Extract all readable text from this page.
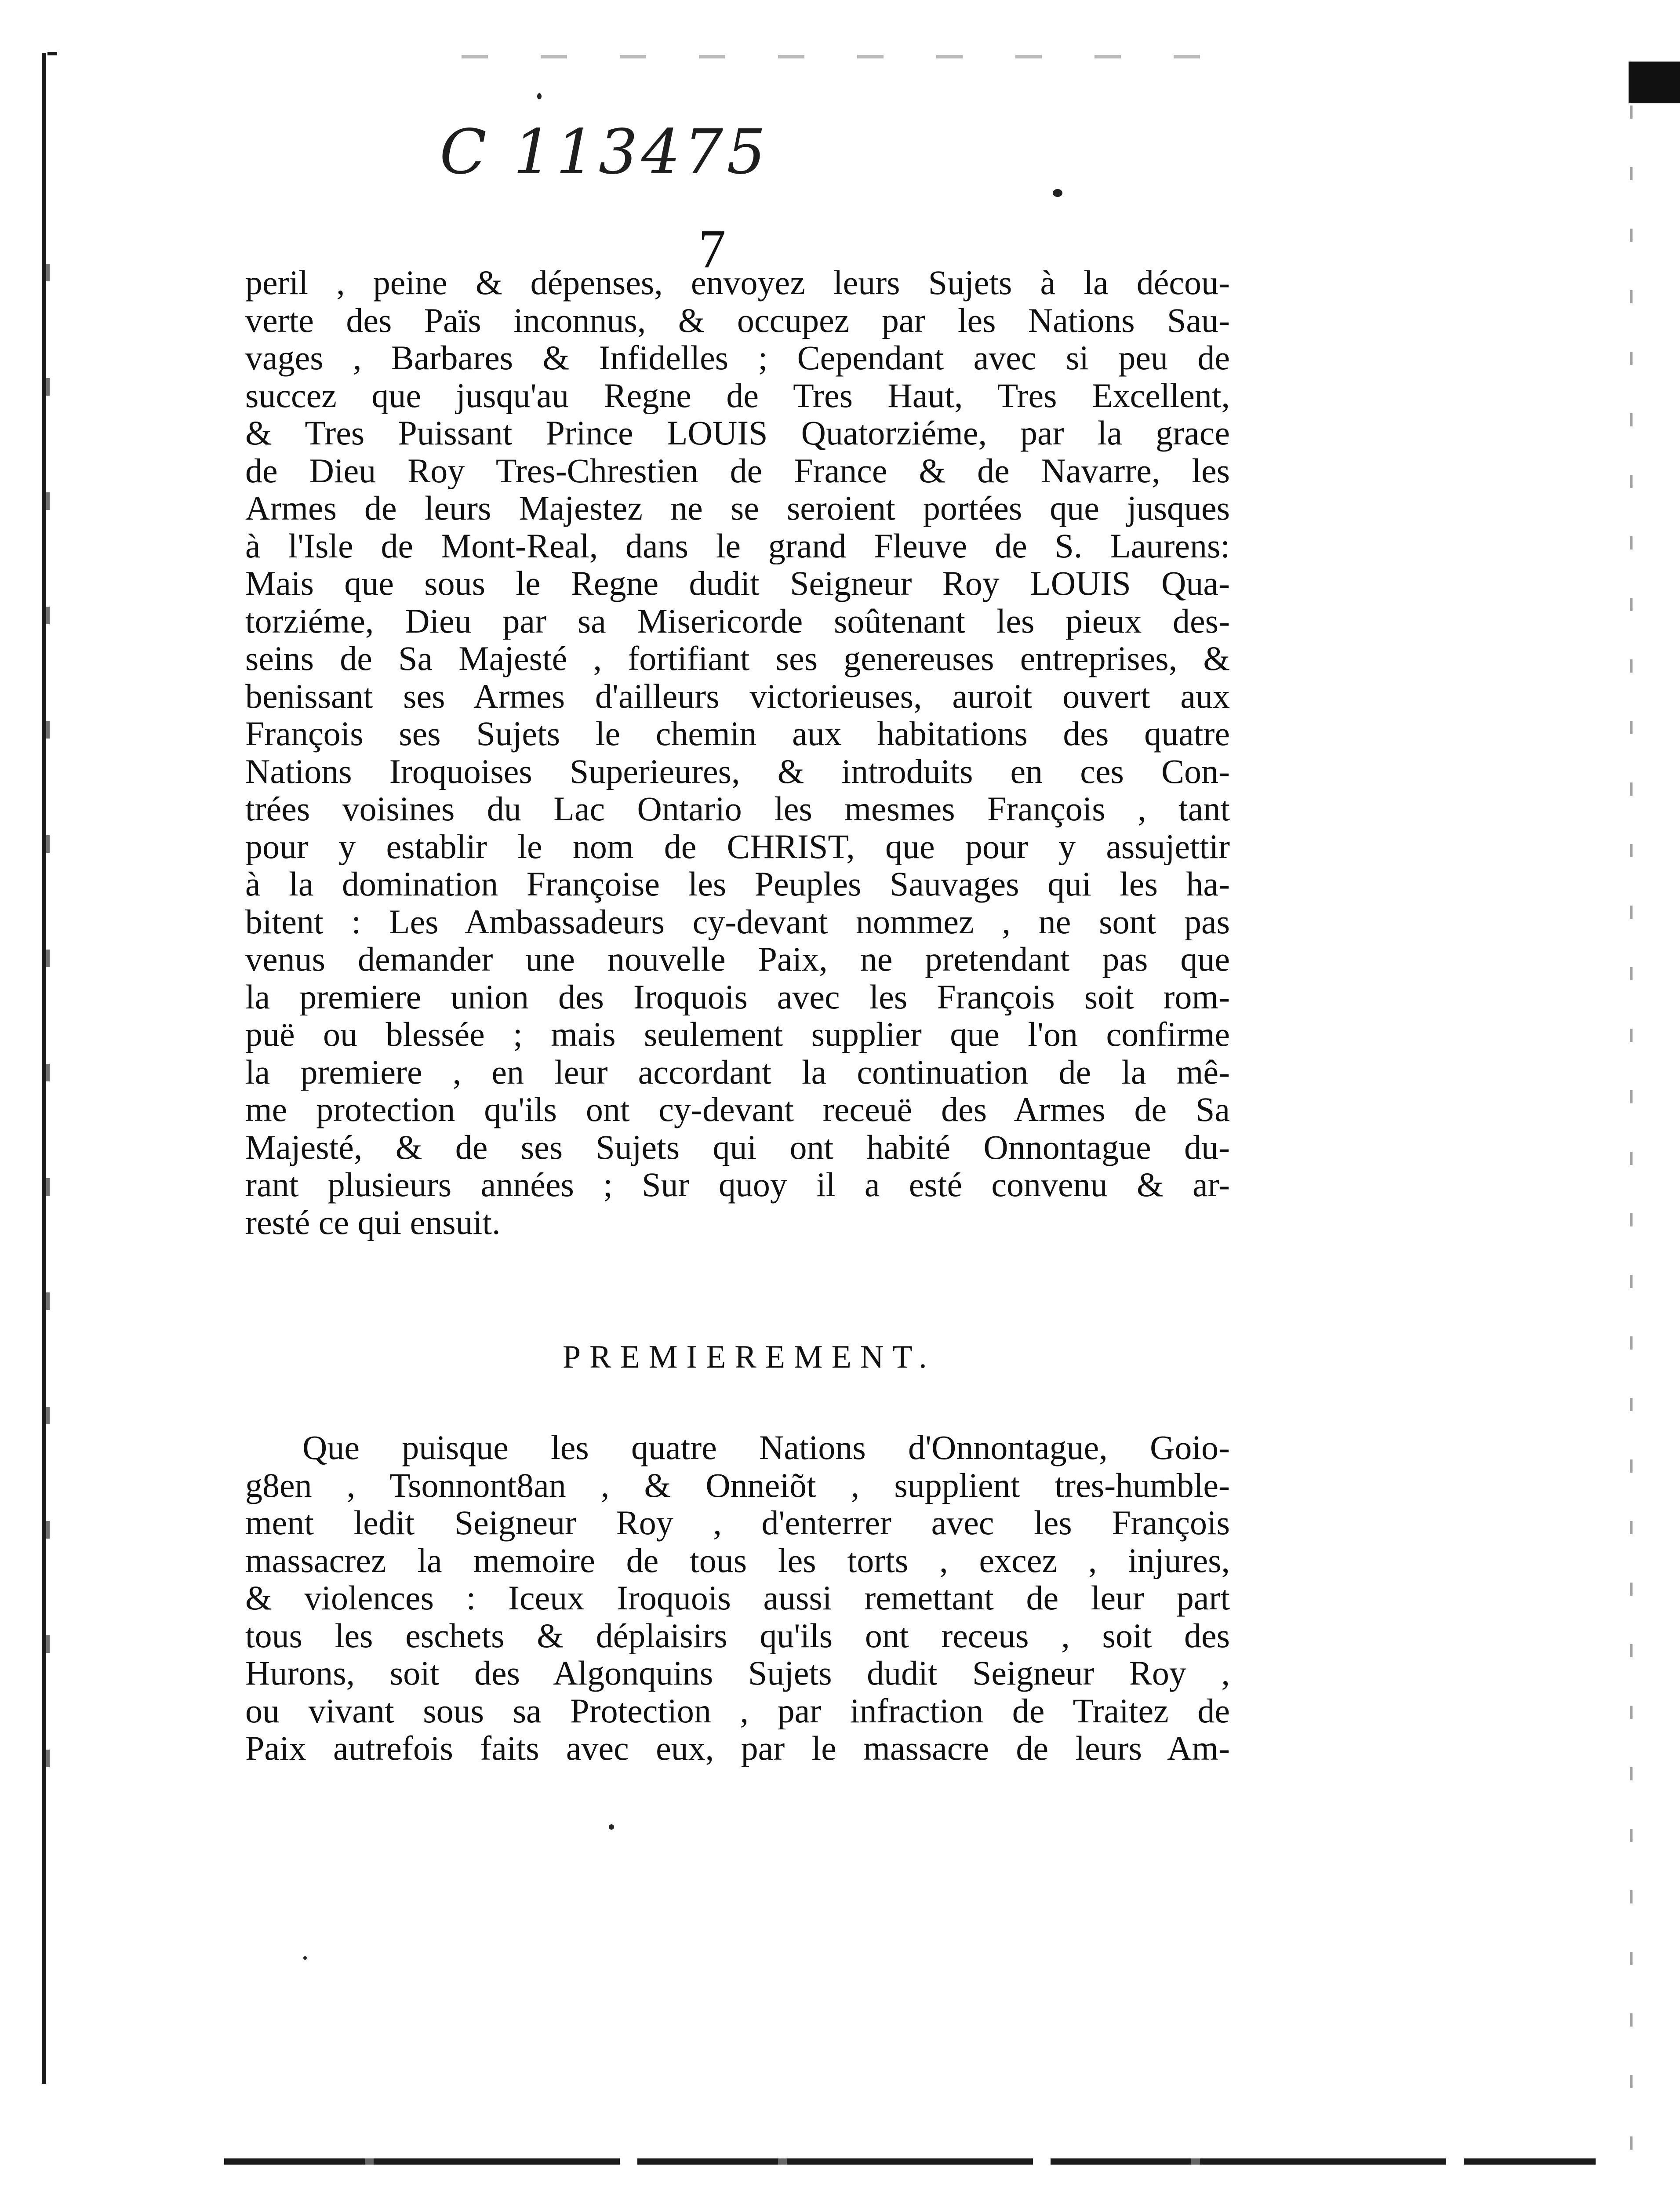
C 113475
7
peril , peine & dépenses, envoyez leurs Sujets à la décou-
verte des Païs inconnus, & occupez par les Nations Sau-
vages , Barbares & Infidelles ; Cependant avec si peu de
succez que jusqu'au Regne de Tres Haut, Tres Excellent,
& Tres Puissant Prince LOUIS Quatorziéme, par la grace
de Dieu Roy Tres-Chrestien de France & de Navarre, les
Armes de leurs Majestez ne se seroient portées que jusques
à l'Isle de Mont-Real, dans le grand Fleuve de S. Laurens:
Mais que sous le Regne dudit Seigneur Roy LOUIS Qua-
torziéme, Dieu par sa Misericorde soûtenant les pieux des-
seins de Sa Majesté , fortifiant ses genereuses entreprises, &
benissant ses Armes d'ailleurs victorieuses, auroit ouvert aux
François ses Sujets le chemin aux habitations des quatre
Nations Iroquoises Superieures, & introduits en ces Con-
trées voisines du Lac Ontario les mesmes François , tant
pour y establir le nom de CHRIST, que pour y assujettir
à la domination Françoise les Peuples Sauvages qui les ha-
bitent : Les Ambassadeurs cy-devant nommez , ne sont pas
venus demander une nouvelle Paix, ne pretendant pas que
la premiere union des Iroquois avec les François soit rom-
puë ou blessée ; mais seulement supplier que l'on confirme
la premiere , en leur accordant la continuation de la mê-
me protection qu'ils ont cy-devant receuë des Armes de Sa
Majesté, & de ses Sujets qui ont habité Onnontague du-
rant plusieurs années ; Sur quoy il a esté convenu & ar-
resté ce qui ensuit.
PREMIEREMENT.
Que puisque les quatre Nations d'Onnontague, Goio-
g8en , Tsonnont8an , & Onneiõt , supplient tres-humble-
ment ledit Seigneur Roy , d'enterrer avec les François
massacrez la memoire de tous les torts , excez , injures,
& violences : Iceux Iroquois aussi remettant de leur part
tous les eschets & déplaisirs qu'ils ont receus , soit des
Hurons, soit des Algonquins Sujets dudit Seigneur Roy ,
ou vivant sous sa Protection , par infraction de Traitez de
Paix autrefois faits avec eux, par le massacre de leurs Am-
